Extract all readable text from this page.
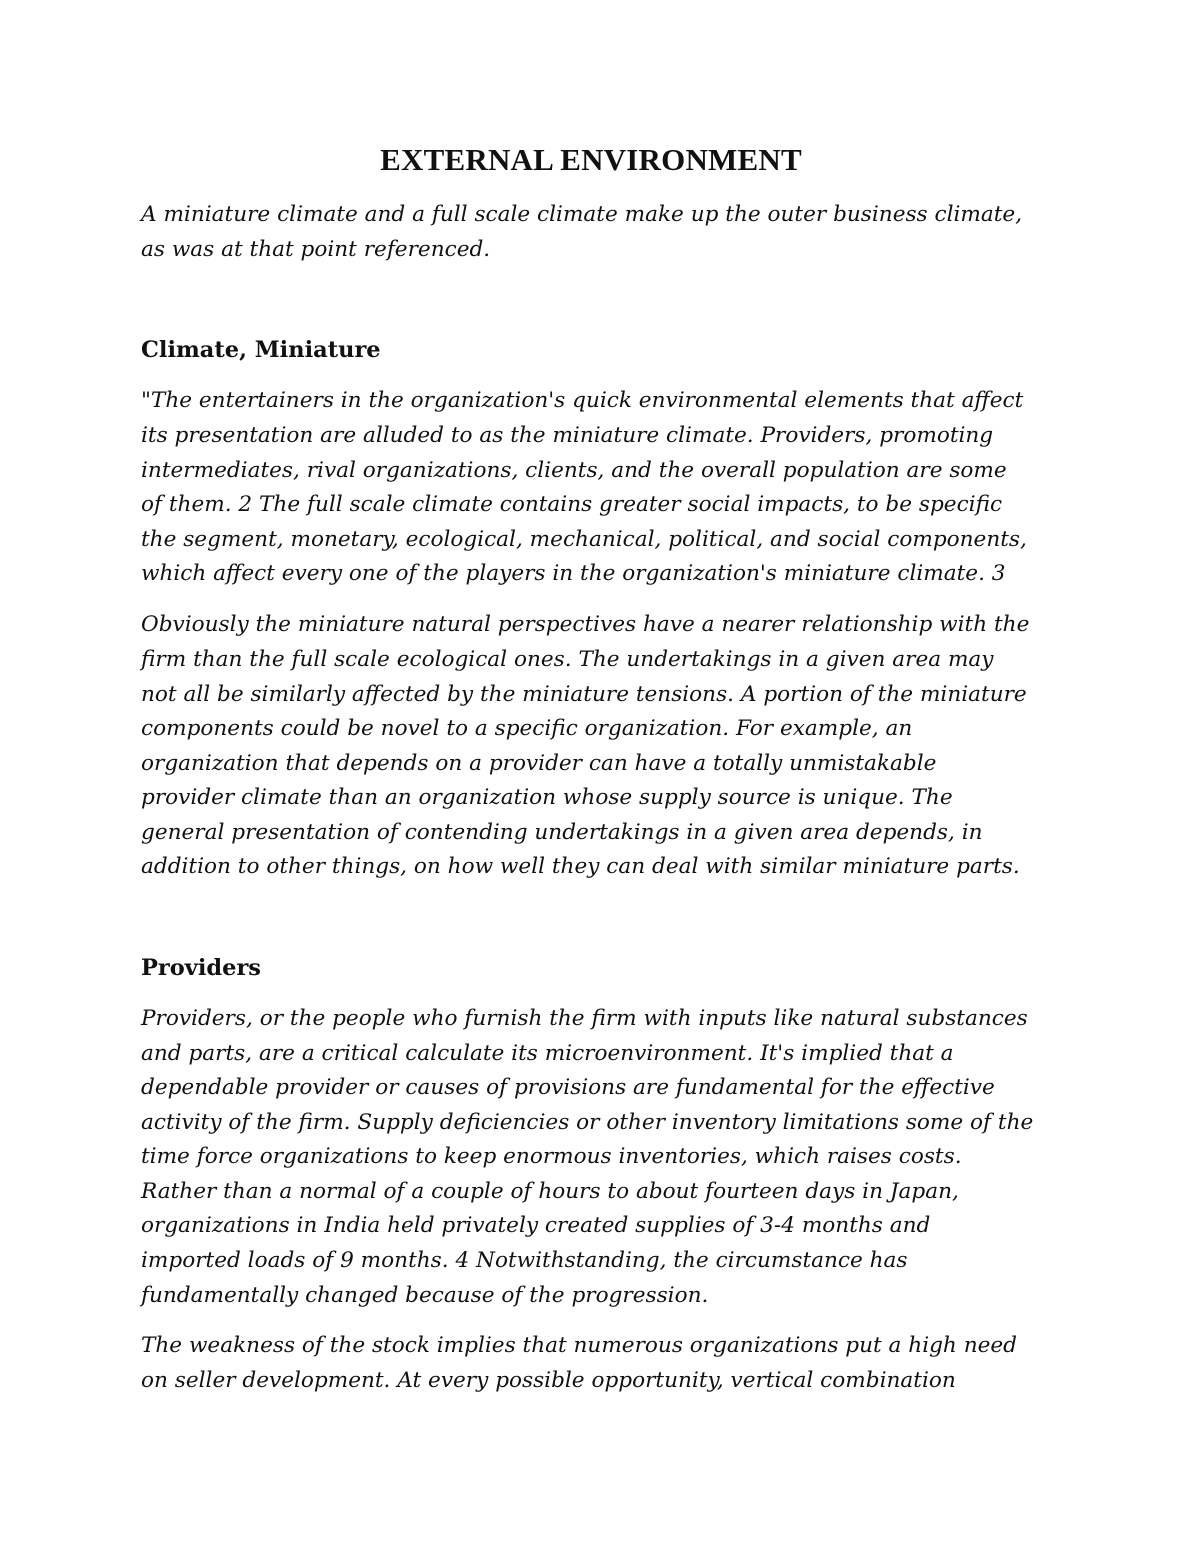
EXTERNAL ENVIRONMENT
A miniature climate and a full scale climate make up the outer business climate,
as was at that point referenced.
Climate, Miniature
"The entertainers in the organization's quick environmental elements that affect
its presentation are alluded to as the miniature climate. Providers, promoting
intermediates, rival organizations, clients, and the overall population are some
of them. 2 The full scale climate contains greater social impacts, to be specific
the segment, monetary, ecological, mechanical, political, and social components,
which affect every one of the players in the organization's miniature climate. 3
Obviously the miniature natural perspectives have a nearer relationship with the
firm than the full scale ecological ones. The undertakings in a given area may
not all be similarly affected by the miniature tensions. A portion of the miniature
components could be novel to a specific organization. For example, an
organization that depends on a provider can have a totally unmistakable
provider climate than an organization whose supply source is unique. The
general presentation of contending undertakings in a given area depends, in
addition to other things, on how well they can deal with similar miniature parts.
Providers
Providers, or the people who furnish the firm with inputs like natural substances
and parts, are a critical calculate its microenvironment. It's implied that a
dependable provider or causes of provisions are fundamental for the effective
activity of the firm. Supply deficiencies or other inventory limitations some of the
time force organizations to keep enormous inventories, which raises costs.
Rather than a normal of a couple of hours to about fourteen days in Japan,
organizations in India held privately created supplies of 3-4 months and
imported loads of 9 months. 4 Notwithstanding, the circumstance has
fundamentally changed because of the progression.
The weakness of the stock implies that numerous organizations put a high need
on seller development. At every possible opportunity, vertical combination
